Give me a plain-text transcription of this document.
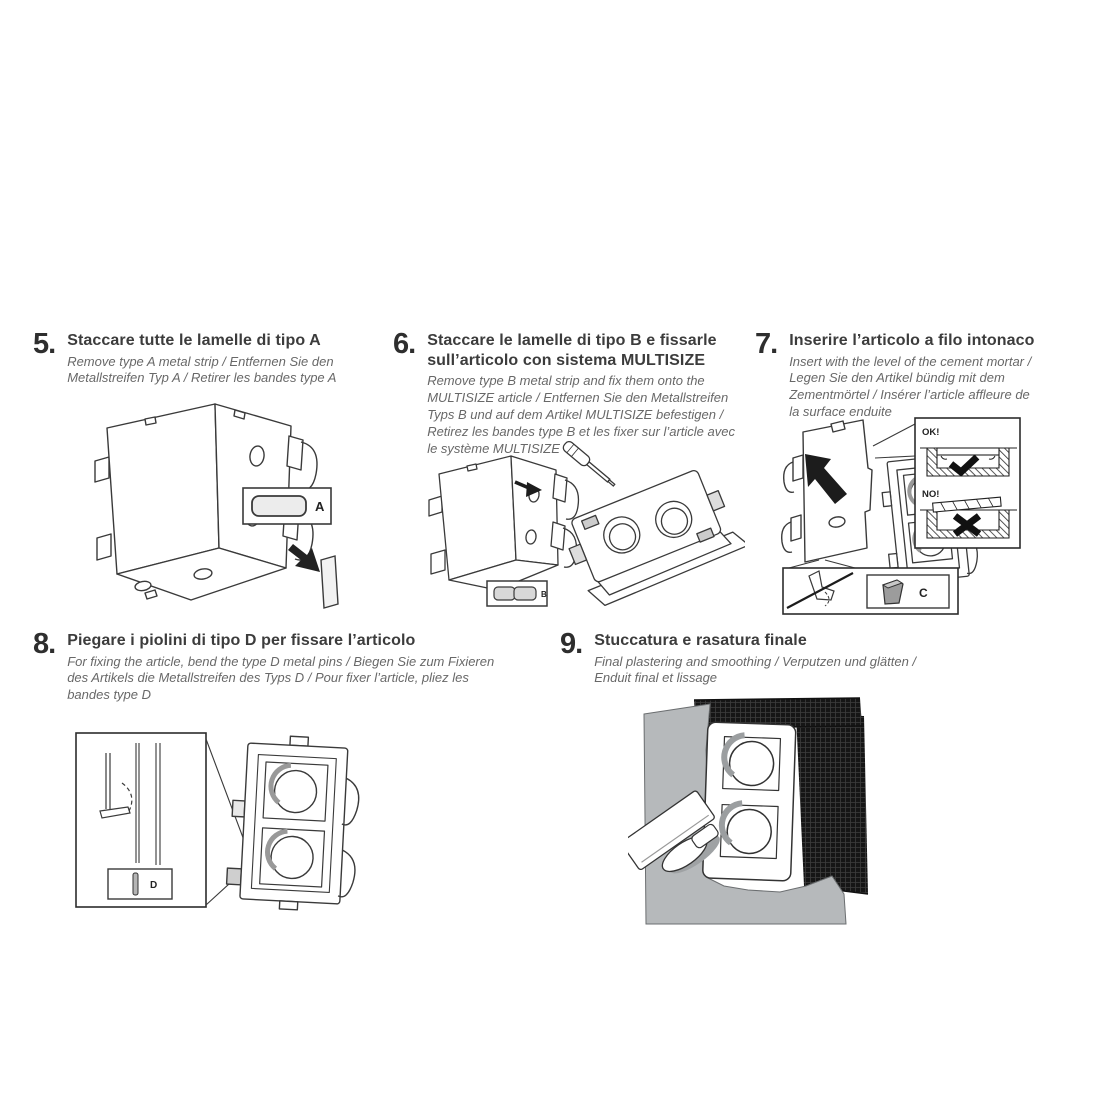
5. Staccare tutte le lamelle di tipo A
Remove type A metal strip / Entfernen Sie den Metallstreifen Typ A / Retirer les bandes type A
6. Staccare le lamelle di tipo B e fissarle sull’articolo con sistema MULTISIZE
Remove type B metal strip and fix them onto the MULTISIZE article / Entfernen Sie den Metallstreifen Typs B und auf dem Artikel MULTISIZE befestigen / Retirez les bandes type B et les fixer sur l’article avec le système MULTISIZE
7. Inserire l’articolo a filo intonaco
Insert with the level of the cement mortar / Legen Sie den Artikel bündig mit dem Zementmörtel / Insérer l’article affleure de la surface enduite
8. Piegare i piolini di tipo D per fissare l’articolo
For fixing the article, bend the type D metal pins / Biegen Sie zum Fixieren des Artikels die Metallstreifen des Typs D / Pour fixer l’article, pliez les bandes type D
9. Stuccatura e rasatura finale
Final plastering and smoothing / Verputzen und glätten / Enduit final et lissage
A
B
OK!
NO!
C
D
